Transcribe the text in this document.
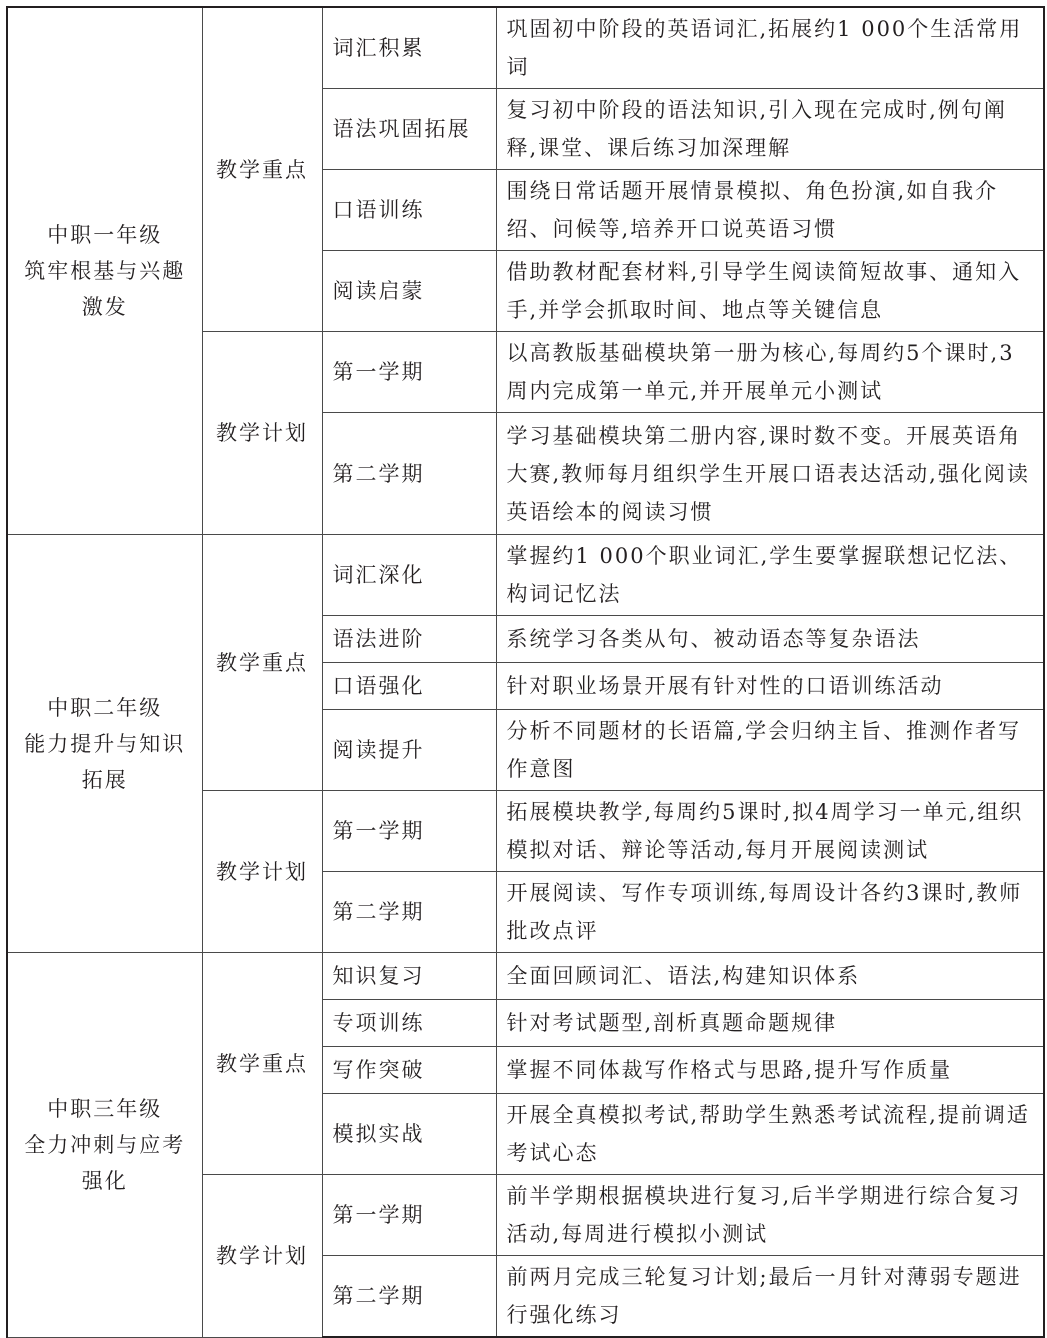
中职一年级
筑牢根基与兴趣
激发	教学重点	词汇积累	巩固初中阶段的英语词汇,拓展约1 000个生活常用词
		语法巩固拓展	复习初中阶段的语法知识,引入现在完成时,例句阐释,课堂、课后练习加深理解
		口语训练	围绕日常话题开展情景模拟、角色扮演,如自我介绍、问候等,培养开口说英语习惯
		阅读启蒙	借助教材配套材料,引导学生阅读简短故事、通知入手,并学会抓取时间、地点等关键信息
	教学计划	第一学期	以高教版基础模块第一册为核心,每周约5个课时,3周内完成第一单元,并开展单元小测试
		第二学期	学习基础模块第二册内容,课时数不变。开展英语角大赛,教师每月组织学生开展口语表达活动,强化阅读英语绘本的阅读习惯

中职二年级
能力提升与知识
拓展	教学重点	词汇深化	掌握约1 000个职业词汇,学生要掌握联想记忆法、构词记忆法
		语法进阶	系统学习各类从句、被动语态等复杂语法
		口语强化	针对职业场景开展有针对性的口语训练活动
		阅读提升	分析不同题材的长语篇,学会归纳主旨、推测作者写作意图
	教学计划	第一学期	拓展模块教学,每周约5课时,拟4周学习一单元,组织模拟对话、辩论等活动,每月开展阅读测试
		第二学期	开展阅读、写作专项训练,每周设计各约3课时,教师批改点评

中职三年级
全力冲刺与应考
强化	教学重点	知识复习	全面回顾词汇、语法,构建知识体系
		专项训练	针对考试题型,剖析真题命题规律
		写作突破	掌握不同体裁写作格式与思路,提升写作质量
		模拟实战	开展全真模拟考试,帮助学生熟悉考试流程,提前调适考试心态
	教学计划	第一学期	前半学期根据模块进行复习,后半学期进行综合复习活动,每周进行模拟小测试
		第二学期	前两月完成三轮复习计划;最后一月针对薄弱专题进行强化练习
